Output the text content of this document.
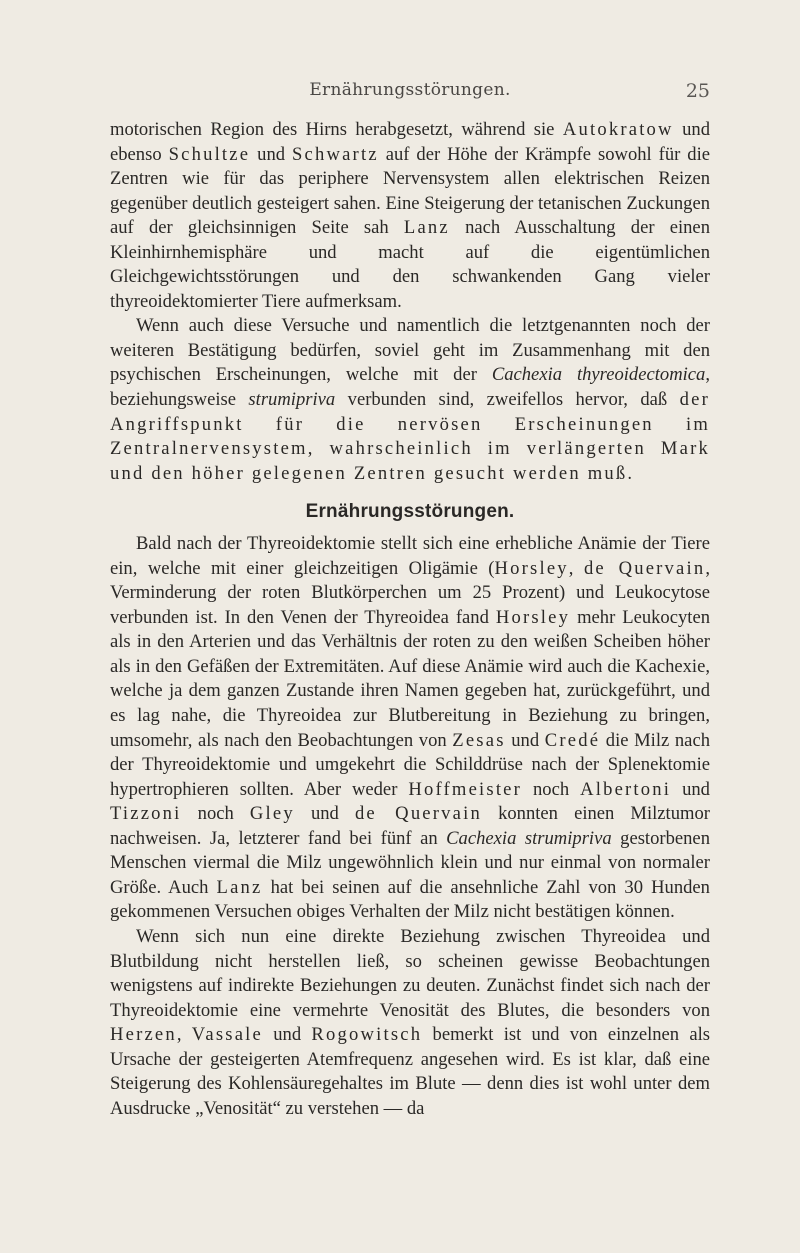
Ernährungsstörungen.	25

motorischen Region des Hirns herabgesetzt, während sie Autokratow und ebenso Schultze und Schwartz auf der Höhe der Krämpfe sowohl für die Zentren wie für das periphere Nervensystem allen elektrischen Reizen gegenüber deutlich gesteigert sahen. Eine Steigerung der tetanischen Zuckungen auf der gleichsinnigen Seite sah Lanz nach Ausschaltung der einen Kleinhirnhemisphäre und macht auf die eigentümlichen Gleichgewichtsstörungen und den schwankenden Gang vieler thyreoidektomierter Tiere aufmerksam.

Wenn auch diese Versuche und namentlich die letztgenannten noch der weiteren Bestätigung bedürfen, soviel geht im Zusammenhang mit den psychischen Erscheinungen, welche mit der Cachexia thyreoidectomica, beziehungsweise strumipriva verbunden sind, zweifellos hervor, daß der Angriffspunkt für die nervösen Erscheinungen im Zentralnervensystem, wahrscheinlich im verlängerten Mark und den höher gelegenen Zentren gesucht werden muß.

Ernährungsstörungen.

Bald nach der Thyreoidektomie stellt sich eine erhebliche Anämie der Tiere ein, welche mit einer gleichzeitigen Oligämie (Horsley, de Quervain, Verminderung der roten Blutkörperchen um 25 Prozent) und Leukocytose verbunden ist. In den Venen der Thyreoidea fand Horsley mehr Leukocyten als in den Arterien und das Verhältnis der roten zu den weißen Scheiben höher als in den Gefäßen der Extremitäten. Auf diese Anämie wird auch die Kachexie, welche ja dem ganzen Zustande ihren Namen gegeben hat, zurückgeführt, und es lag nahe, die Thyreoidea zur Blutbereitung in Beziehung zu bringen, umsomehr, als nach den Beobachtungen von Zesas und Credé die Milz nach der Thyreoidektomie und umgekehrt die Schilddrüse nach der Splenektomie hypertrophieren sollten. Aber weder Hoffmeister noch Albertoni und Tizzoni noch Gley und de Quervain konnten einen Milztumor nachweisen. Ja, letzterer fand bei fünf an Cachexia strumipriva gestorbenen Menschen viermal die Milz ungewöhnlich klein und nur einmal von normaler Größe. Auch Lanz hat bei seinen auf die ansehnliche Zahl von 30 Hunden gekommenen Versuchen obiges Verhalten der Milz nicht bestätigen können.

Wenn sich nun eine direkte Beziehung zwischen Thyreoidea und Blutbildung nicht herstellen ließ, so scheinen gewisse Beobachtungen wenigstens auf indirekte Beziehungen zu deuten. Zunächst findet sich nach der Thyreoidektomie eine vermehrte Venosität des Blutes, die besonders von Herzen, Vassale und Rogowitsch bemerkt ist und von einzelnen als Ursache der gesteigerten Atemfrequenz angesehen wird. Es ist klar, daß eine Steigerung des Kohlensäuregehaltes im Blute — denn dies ist wohl unter dem Ausdrucke „Venosität“ zu verstehen — da
